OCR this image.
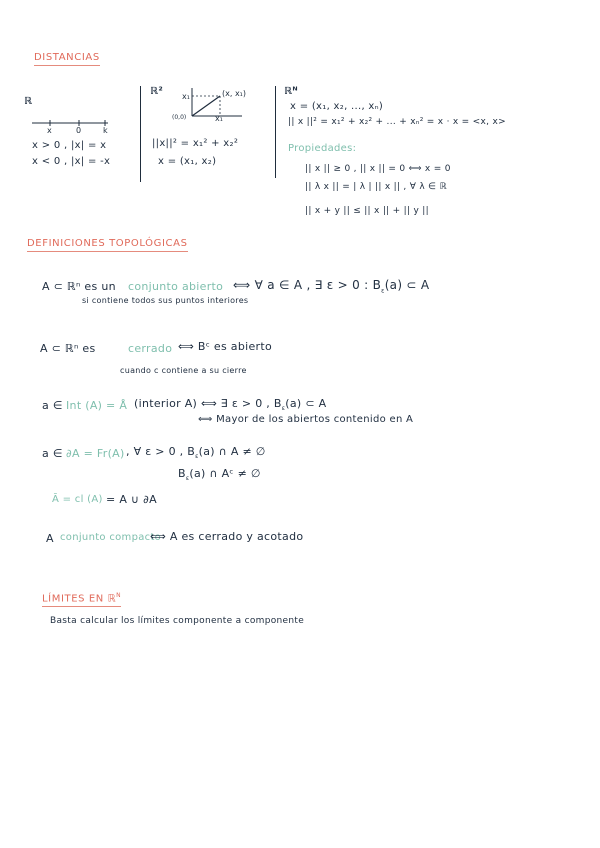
DISTANCIAS
ℝ
x	0	k
x > 0 , |x| = x
x < 0 , |x| = -x
ℝ²	(x, x₁)
x₁
x₁
(0,0)
||x||² = x₁² + x₂²
x = (x₁, x₂)
ℝᴺ
x = (x₁, x₂, ..., xₙ)
|| x ||² = x₁² + x₂² + ... + xₙ² = x · x = <x, x>
Propiedades:
|| x || ≥ 0 , || x || = 0 ⟺ x = 0
|| λ x || = | λ | || x || , ∀ λ ∈ ℝ
|| x + y || ≤ || x || + || y ||
DEFINICIONES TOPOLÓGICAS
A ⊂ ℝⁿ es un conjunto abierto ⟺ ∀ a ∈ A , ∃ ε > 0 : $B_\varepsilon(a)$ ⊂ A
si contiene todos sus puntos interiores
A ⊂ ℝⁿ es	cerrado ⟺ Bᶜ es abierto
cuando c contiene a su cierre
a ∈ Int (A) = Å (interior A) ⟺ ∃ ε > 0 , $B_\varepsilon(a)$ ⊂ A
⟺ Mayor de los abiertos contenido en A
a ∈ ∂A = Fr(A) , ∀ ε > 0 , $B_\varepsilon(a)$ ∩ A ≠ ∅
$B_\varepsilon(a)$ ∩ Aᶜ ≠ ∅
Ā = cl (A) = A ∪ ∂A
A conjunto compacto
⟺ A es cerrado y acotado
LÍMITES EN ℝ$^N$
Basta calcular los límites componente a componente
